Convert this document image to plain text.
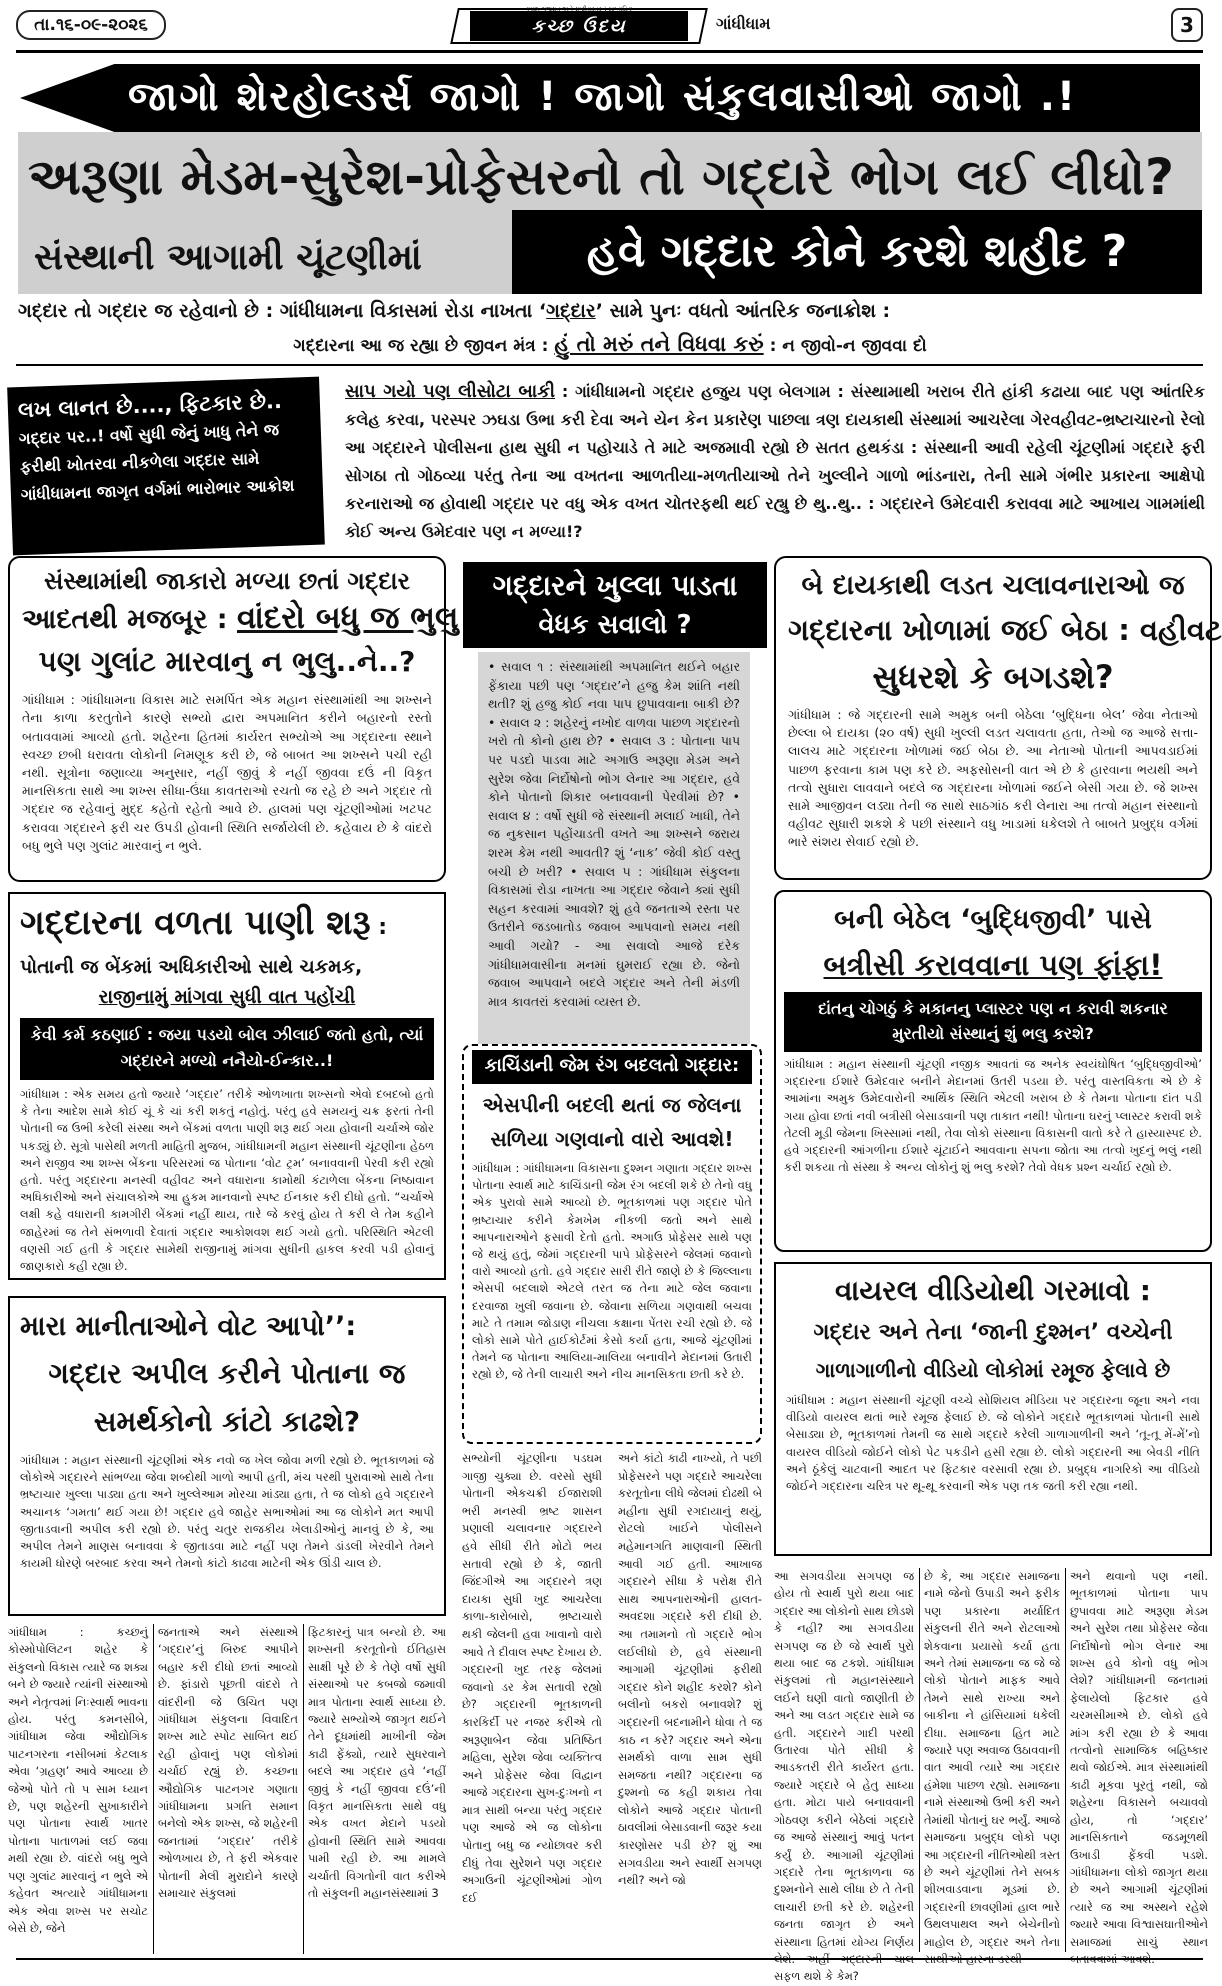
તા.૧૬-૦૯-૨૦૨૬	કચ્છ ઉદય
કચ્છ, ગુજરાત અને રાષ્ટ્રીયસ્તરનું સાપ્તાહિક
ગાંધીધામ	3
જાગો શેરહોલ્ડર્સ જાગો ! જાગો સંકુલવાસીઓ જાગો .!
અરૂણા મેડમ-સુરેશ-પ્રોફેસરનો તો ગદ્દારે ભોગ લઈ લીધો?
સંસ્થાની આગામી ચૂંટણીમાં	હવે ગદ્દાર કોને કરશે શહીદ ?
ગદ્દાર તો ગદ્દાર જ રહેવાનો છે : ગાંધીધામના વિકાસમાં રોડા નાખતા ‘ગદ્દાર’ સામે પુનઃ વધતો આંતરિક જનાક્રોશ :
ગદ્દારના આ જ રહ્યા છે જીવન મંત્ર : હું તો મરું તને વિધવા કરું : ન જીવો-ન જીવવા દો
લખ લાનત છે...., ફિટકાર છે..
ગદ્દાર પર..! વર્ષો સુધી જેનું ખાધુ તેને જ ફરીથી ખોતરવા નીકળેલા ગદ્દાર સામે ગાંધીધામના જાગૃત વર્ગમાં ભારોભાર આક્રોશ
સાપ ગયો પણ લીસોટા બાકી : ગાંધીધામનો ગદ્દાર હજુય પણ બેલગામ : સંસ્થામાથી ખરાબ રીતે હાંકી કઢાયા બાદ પણ આંતરિક કલેહ કરવા, પરસ્પર ઝઘડા ઉભા કરી દેવા અને યેન કેન પ્રકારેણ પાછલા ત્રણ દાયકાથી સંસ્થામાં આચરેલા ગેરવહીવટ-ભ્રષ્ટાચારનો રેલો આ ગદ્દારને પોલીસના હાથ સુધી ન પહોચાડે તે માટે અજમાવી રહ્યો છે સતત હથકંડા : સંસ્થાની આવી રહેલી ચૂંટણીમાં ગદ્દારે ફરી સોગઠા તો ગોઠવ્યા પરંતુ તેના આ વખતના આળતીયા-મળતીયાઓ તેને ખુલ્લીને ગાળો ભાંડનારા, તેની સામે ગંભીર પ્રકારના આક્ષેપો કરનારાઓ જ હોવાથી ગદ્દાર પર વધુ એક વખત ચોતરફથી થઈ રહ્યુ છે થુ..થુ.. : ગદ્દારને ઉમેદવારી કરાવવા માટે આખાય ગામમાંથી કોઈ અન્ય ઉમેદવાર પણ ન મળ્યા!?
સંસ્થામાંથી જાકારો મળ્યા છતાં ગદ્દાર
આદતથી મજબૂર : વાંદરો બધુ જ ભુલુ
પણ ગુલાંટ મારવાનુ ન ભુલુ..ને..?
ગાંધીધામ : ગાંધીધામના વિકાસ માટે સમર્પિત એક મહાન સંસ્થામાંથી આ શખ્સને તેના કાળા કરતુતોને કારણે સભ્યો દ્વારા અપમાનિત કરીને બહારનો રસ્તો બતાવવામાં આવ્યો હતો. શહેરના હિતમાં કાર્યરત સભ્યોએ આ ગદ્દારના સ્થાને સ્વચ્છ છબી ધરાવતા લોકોની નિમણૂક કરી છે, જે બાબત આ શખ્સને પચી રહી નથી. સૂત્રોના જણાવ્યા અનુસાર, નહીં જીવું કે નહીં જીવવા દઉં ની વિકૃત માનસિકતા સાથે આ શખ્સ સીધા-ઉંધા કાવતરાઓ રચતો જ રહે છે અને ગદ્દાર તો ગદ્દાર જ રહેવાનું મુદ્દ કહેતો રહેતો આવે છે. હાલમાં પણ ચૂંટણીઓમાં ખટપટ કરાવવા ગદ્દારને ફરી ચર ઉપડી હોવાની સ્થિતિ સર્જાયેલી છે. કહેવાય છે કે વાંદરો બધુ ભુલે પણ ગુલાંટ મારવાનું ન ભુલે.
ગદ્દારને ખુલ્લા પાડતા
વેધક સવાલો ?
• સવાલ ૧ : સંસ્થામાંથી અપમાનિત થઈને બહાર ફેંકાયા પછી પણ ‘ગદ્દાર’ને હજુ કેમ શાંતિ નથી થતી? શું હજુ કોઈ નવા પાપ છુપાવવાના બાકી છે? • સવાલ ૨ : શહેરનું નખોદ વાળવા પાછળ ગદ્દારનો ખરો તો કોનો હાથ છે? • સવાલ ૩ : પોતાના પાપ પર પડદો પાડવા માટે અગાઉ અરૂણા મેડમ અને સુરેશ જેવા નિર્દોષોનો ભોગ લેનાર આ ગદ્દાર, હવે કોને પોતાનો શિકાર બનાવવાની પેરવીમાં છે? • સવાલ ૪ : વર્ષો સુધી જે સંસ્થાની મલાઈ ખાધી, તેને જ નુકસાન પહોંચાડતી વખતે આ શખ્સને જરાય શરમ કેમ નથી આવતી? શું ‘નાક’ જેવી કોઈ વસ્તુ બચી છે ખરી? • સવાલ ૫ : ગાંધીધામ સંકુલના વિકાસમાં રોડા નાખતા આ ગદ્દાર જેવાને ક્યાં સુધી સહન કરવામાં આવશે? શું હવે જનતાએ રસ્તા પર ઉતરીને જડબાતોડ જવાબ આપવાનો સમય નથી આવી ગયો? - આ સવાલો આજે દરેક ગાંધીધામવાસીના મનમાં ઘુમરાઈ રહ્યા છે. જેનો જવાબ આપવાને બદલે ગદ્દાર અને તેની મંડળી માત્ર કાવતરાં કરવામાં વ્યસ્ત છે.
બે દાયકાથી લડત ચલાવનારાઓ જ
ગદ્દારના ખોળામાં જઈ બેઠા : વહીવટ
સુધરશે કે બગડશે?
ગાંધીધામ : જે ગદ્દારની સામે અમુક બની બેઠેલા ‘બુદ્ધિના બેલ’ જેવા નેતાઓ છેલ્લા બે દાયકા (૨૦ વર્ષ) સુધી ખુલ્લી લડત ચલાવતા હતા, તેઓ જ આજે સત્તા-લાલચ માટે ગદ્દારના ખોળામાં જઈ બેઠા છે. આ નેતાઓ પોતાની આપવડાઈમાં પાછળ ફરવાના કામ પણ કરે છે. અફસોસની વાત એ છે કે હારવાના ભયથી અને તત્વો સુધારા લાવવાને બદલે જ ગદ્દારના ખોળામાં જઈને બેસી ગયા છે. જે શખ્સ સામે આજીવન લડ્યા તેની જ સાથે સાઠગાંઠ કરી લેનારા આ તત્વો મહાન સંસ્થાનો વહીવટ સુધારી શકશે કે પછી સંસ્થાને વધુ ખાડામાં ધકેલશે તે બાબતે પ્રબુદ્ધ વર્ગમાં ભારે સંશય સેવાઈ રહ્યો છે.
ગદ્દારના વળતા પાણી શરૂ :
પોતાની જ બેંકમાં અધિકારીઓ સાથે ચકમક,
રાજીનામું માંગવા સુધી વાત પહોંચી
કેવી કર્મ કઠણાઈ : જયા પડયો બોલ ઝીલાઈ જતો હતો, ત્યાં ગદ્દારને મળ્યો નનૈયો-ઈન્કાર..!
ગાંધીધામ : એક સમય હતો જ્યારે ‘ગદ્દાર’ તરીકે ઓળખાતા શખ્સનો એવો દબદબો હતો કે તેના આદેશ સામે કોઈ ચૂં કે ચાં કરી શકતું નહોતું. પરંતુ હવે સમયનું ચક્ર ફરતાં તેની પોતાની જ ઉભી કરેલી સંસ્થા અને બેંકમાં વળતા પાણી શરૂ થઈ ગયા હોવાની ચર્ચાએ જોર પકડ્યું છે. સૂત્રો પાસેથી મળતી માહિતી મુજબ, ગાંધીધામની મહાન સંસ્થાની ચૂંટણીના હેઠળ અને રાજીવ આ શખ્સ બેંકના પરિસરમાં જ પોતાના ‘વોટ ટ્રમ’ બનાવવાની પેરવી કરી રહ્યો હતો. પરંતુ ગદ્દારના મનસ્વી વહીવટ અને વધારાના કામોથી કંટાળેલા બેંકના નિષ્ઠાવાન અધિકારીઓ અને સંચાલકોએ આ હુકમ માનવાનો સ્પષ્ટ ઈનકાર કરી દીધો હતો. “ચર્ચાએ લક્ષી કહે વધારાની કામગીરી બેંકમાં નહીં થાય, તારે જે કરવું હોય તે કરી લે તેમ કહીને જાહેરમાં જ તેને સંભળાવી દેવાતાં ગદ્દાર આકોશવશ થઈ ગયો હતો. પરિસ્થિતિ એટલી વણસી ગઈ હતી કે ગદ્દાર સામેથી રાજીનામું માંગવા સુધીની હાકલ કરવી પડી હોવાનું જાણકારો કહી રહ્યા છે.
બની બેઠેલ ‘બુદ્ધિજીવી’ પાસે
બત્રીસી કરાવવાના પણ ફાંફા!
દાંતનુ ચોગઠું કે મકાનનુ પ્લાસ્ટર પણ ન કરાવી શકનાર મુરતીયો સંસ્થાનું શું ભલુ કરશે?
ગાંધીધામ : મહાન સંસ્થાની ચૂંટણી નજીક આવતાં જ અનેક સ્વયંઘોષિત ‘બુદ્ધિજીવીઓ’ ગદ્દારના ઈશારે ઉમેદવાર બનીને મેદાનમાં ઉતરી પડયા છે. પરંતુ વાસ્તવિકતા એ છે કે આમાંના અમુક ઉમેદવારોની આર્થિક સ્થિતિ એટલી ખરાબ છે કે તેમના પોતાના દાંત પડી ગયા હોવા છતાં નવી બત્રીસી બેસાડવાની પણ તાકાત નથી! પોતાના ઘરનું પ્લાસ્ટર કરાવી શકે તેટલી મૂડી જેમના ખિસ્સામાં નથી, તેવા લોકો સંસ્થાના વિકાસની વાતો કરે તે હાસ્યાસ્પદ છે. હવે ગદ્દારની આંગળીના ઈશારે ચૂંટાઈને આવવાના સપના જોતા આ તત્વો ખુદનું ભલું નથી કરી શકયા તો સંસ્થા કે અન્ય લોકોનું શું ભલુ કરશે? તેવો વેધક પ્રશ્ન ચર્ચાઈ રહ્યો છે.
કાચિંડાની જેમ રંગ બદલતો ગદ્દાર:
એસપીની બદલી થતાં જ જેલના
સળિયા ગણવાનો વારો આવશે!
ગાંધીધામ : ગાંધીધામના વિકાસના દુશ્મન ગણાતા ગદ્દાર શખ્સ પોતાના સ્વાર્થ માટે કાચિંડાની જેમ રંગ બદલી શકે છે તેનો વધુ એક પુરાવો સામે આવ્યો છે. ભૂતકાળમાં પણ ગદ્દાર પોતે ભ્રષ્ટાચાર કરીને કેમખેમ નીકળી જતો અને સાથે આપનારાઓને ફસાવી દેતો હતો. અગાઉ પ્રોફેસર સાથે પણ જે થયું હતું, જેમાં ગદ્દારની પાપે પ્રોફેસરને જેલમાં જવાનો વારો આવ્યો હતો. હવે ગદ્દાર સારી રીતે જાણે છે કે જિલ્લાના એસપી બદલાશે એટલે તરત જ તેના માટે જેલ જવાના દરવાજા ખુલી જવાના છે. જેવાના સળિયા ગણવાથી બચવા માટે તે તમામ જોડાણ નીચલા કક્ષાના પેંતરા રચી રહ્યો છે. જે લોકો સામે પોતે હાઈકોર્ટમાં કેસો કર્યા હતા, આજે ચૂંટણીમાં તેમને જ પોતાના આલિયા-માલિયા બનાવીને મેદાનમાં ઉતારી રહ્યો છે, જે તેની લાચારી અને નીચ માનસિકતા છતી કરે છે.
વાયરલ વીડિયોથી ગરમાવો :
ગદ્દાર અને તેના ‘જાની દુશ્મન’ વચ્ચેની
ગાળાગાળીનો વીડિયો લોકોમાં રમૂજ ફેલાવે છે
ગાંધીધામ : મહાન સંસ્થાની ચૂંટણી વચ્ચે સોશિયલ મીડિયા પર ગદ્દારના જૂના અને નવા વીડિયો વાયરલ થતાં ભારે રમૂજ ફેલાઈ છે. જે લોકોને ગદ્દારે ભૂતકાળમાં પોતાની સાથે બેસાડ્યા છે, ભૂતકાળમાં તેમની જ સાથે ગદ્દારે કરેલી ગાળાગાળીની અને ‘તૂ-તૂ મેં-મેં’નો વાયરલ વીડિયો જોઈને લોકો પેટ પકડીને હસી રહ્યા છે. લોકો ગદ્દારની આ બેવડી નીતિ અને ઠૂંકેલું ચાટવાની આદત પર ફિટકાર વરસાવી રહ્યા છે. પ્રબુદ્ધ નાગરિકો આ વીડિયો જોઈને ગદ્દારના ચરિત્ર પર થૂ-થૂ કરવાની એક પણ તક જતી કરી રહ્યા નથી.
મારા માનીતાઓને વોટ આપો’’:
ગદ્દાર અપીલ કરીને પોતાના જ
સમર્થકોનો કાંટો કાઢશે?
ગાંધીધામ : મહાન સંસ્થાની ચૂંટણીમાં એક નવો જ ખેલ જોવા મળી રહ્યો છે. ભૂતકાળમાં જે લોકોએ ગદ્દારને સાંભળ્યા જેવા શબ્દોથી ગાળો આપી હતી, મંચ પરથી પુરાવાઓ સાથે તેના ભ્રષ્ટાચાર ખુલ્લા પાડ્યા હતા અને ખુલ્લેઆમ મોરચા માંડ્યા હતા, તે જ લોકો હવે ગદ્દારને અચાનક ‘ગમતા’ થઈ ગયા છે! ગદ્દાર હવે જાહેર સભાઓમાં આ જ લોકોને મત આપી જીતાડવાની અપીલ કરી રહ્યો છે. પરંતુ ચતુર રાજકીય ખેલાડીઓનું માનવું છે કે, આ અપીલ તેમને માણસ બનાવવા કે જીતાડવા માટે નહીં પણ તેમને ડાંડલી ખેરવીને તેમને કાયમી ધોરણે બરબાદ કરવા અને તેમનો કાંટો કાઢવા માટેની એક ઊંડી ચાલ છે.
સભ્યોની ચૂંટણીના પડઘમ ગાજી ચુક્યા છે. વરસો સુધી પોતાની એકચક્રી ઈજારાશી ભરી મનસ્વી ભ્રષ્ટ શાસન પ્રણાલી ચલાવનાર ગદ્દારને હવે સીધી રીતે મોટો ભય સતાવી રહ્યો છે કે, જાતી જિંદગીએ આ ગદ્દારને ત્રણ દાયકા સુધી ખુદ આચરેલા કાળા-કારોબારો, ભ્રષ્ટાચારો થકી જેલની હવા ખાવાનો વારો આવે તે દીવાલ સ્પષ્ટ દેખાય છે. ગદ્દારની ખુદ તરફ જેલમાં જવાનો ડર કેમ સતાવી રહ્યો છે? ગદ્દારની ભૂતકાળની કારકિર્દી પર નજર કરીએ તો અરૂણાબેન જેવા પ્રતિષ્ઠિત મહિલા, સુરેશ જેવા વ્યક્તિત્વ અને પ્રોફેસર જેવા વિદ્વાન આજે ગદ્દારના સુખ-દુઃખનો ન માત્ર સાથી બન્યા પરંતુ ગદ્દાર પણ આજે એ જ લોકોના પોતાનુ બધુ જ ન્યોછાવર કરી દીધું તેવા સુરેશને પણ ગદ્દાર અગાઉની ચૂંટણીઓમાં ગોળ દઈ
અને કાંટો કાઢી નાખ્યો, તે પછી પ્રોફેસરને પણ ગદ્દારે આચરેલા કરતૂતોના લીધે જેલમાં દોઢથી બે મહીના સુધી રગદાયાનું થયું, રોટલો ખાઈને પોલીસને મહેમાનગતિ માણવાની સ્થિતી આવી ગઈ હતી. આખાજ ગદ્દારને સીધા કે પરોક્ષ રીતે સાથ આપનારાઓની હાલત-અવદશા ગદ્દારે કરી દીધી છે. આ તમામનો તો ગદ્દારે ભોગ લઈલીધો છે, હવે સંસ્થાની આગામી ચૂંટણીમાં ફરીથી ગદ્દાર કોને શહીદ કરશે? કોને બલીનો બકરો બનાવશે? શું ગદ્દારની બદનામીને ધોવા તે જ કાઠ ન કરે? ગદ્દાર અને એના સમર્થકો વાળા સામ સુધી સમજતા નથી? ગદ્દારના જ દુશ્મનો જ કહી શકાય તેવા લોકોને આજે ગદ્દાર પોતાની ઠાવલીમાં બેસાડવાની જરૂર કયા કારણોસર પડી છે? શું આ સગવડીયા અને સ્વાર્થી સગપણ નથી? અને જો
આ સગવડીયા સગપણ જ હોય તો સ્વાર્થ પુરો થયા બાદ ગદ્દાર આ લોકોનો સાથ છોડશે કે નહી? આ સગવડીયા સગપણ જ છે જે સ્વાર્થ પુરો થયા બાદ જ ટકશે. ગાંધીધામ સંકુલમાં તો મહાનસંસ્થાને લઈને ઘણી વાતો જાણીતી છે અને આ લડત ગદ્દાર સામે જ હતી. ગદ્દારને ગાદી પરથી ઉતારવા પોતે સીધી કે આડકતરી રીતે કાર્યરત હતા. જ્યારે ગદ્દારે બે હેતુ સાધ્યા હતા. મોટા પાયે બનાવવાની ગોઠવણ કરીને બેઠેલાં ગદ્દારે જ આજે સંસ્થાનું આવું પતન કર્યું છે. આગામી ચૂંટણીમાં ગદ્દારે તેના ભૂતકાળના જ દુશ્મનોને સાથે લીધા છે તે તેની લાચારી છતી કરે છે. શહેરની જનતા જાગૃત છે અને સંસ્થાના હિતમાં યોગ્ય નિર્ણય સફળ થશે કે કેમ?
છે કે, આ ગદ્દાર સમાજના નામે જેનો ઉપાડી અને ફરીક પણ પ્રકારના મર્યાદિત સંકુલની રીતે અને રોટલાઓ શેકવાના પ્રયાસો કર્યા હતા અને તેમાં સમાજના જ જે જે લોકો પોતાને માફક આવે તેમને સાથે રાખ્યા અને બાકીના ને હાંસિયામાં ધકેલી દીધા. સમાજના હિત માટે જ્યારે પણ અવાજ ઉઠાવવાની વાત આવી ત્યારે આ ગદ્દાર હંમેશા પાછળ રહ્યો. સમાજના નામે સંસ્થાઓ ઉભી કરી અને તેમાંથી પોતાનું ઘર ભર્યું. આજે સમાજના પ્રબુદ્ધ લોકો પણ આ ગદ્દારની નીતિઓથી ત્રસ્ત છે અને ચૂંટણીમાં તેને સબક શીખવાડવાના મૂડમાં છે. ગદ્દારની છાવણીમાં હાલ ભારે ઉથલપાથલ અને બેચેનીનો માહોલ છે, ગદ્દાર અને તેના
અને થવાનો પણ નથી. ભૂતકાળમાં પોતાના પાપ છુપાવવા માટે અરૂણા મેડમ અને સુરેશ તથા પ્રોફેસર જેવા નિર્દોષોનો ભોગ લેનાર આ શખ્સ હવે કોનો વધુ ભોગ લેશે? ગાંધીધામની જનતામાં ફેલાયેલો ફિટકાર હવે ચરમસીમાએ છે. લોકો હવે માંગ કરી રહ્યા છે કે આવા તત્વોનો સામાજિક બહિષ્કાર થવો જોઈએ. માત્ર સંસ્થામાંથી કાઢી મૂકવા પૂરતું નથી, જો શહેરના વિકાસને બચાવવો હોય, તો ‘ગદ્દાર’ માનસિકતાને જડમૂળથી ઉખાડી ફેંકવી પડશે. ગાંધીધામના લોકો જાગૃત થયા છે અને આગામી ચૂંટણીમાં ત્યારે જ આ અસ્થને રહેશે જ્યારે આવા વિશ્વાસઘાતીઓને સમાજમાં સાચું સ્થાન
ગાંધીધામ : કચ્છનું કોસ્મોપોલિટન શહેર કે સંકુલનો વિકાસ ત્યારે જ શક્ય બને છે જ્યારે ત્યાંની સંસ્થાઓ અને નેતૃત્વમાં નિઃસ્વાર્થ ભાવના હોય. પરંતુ કમનસીબે, ગાંધીધામ જેવા ઔદ્યોગિક પાટનગરના નસીબમાં કેટલાક એવા ‘ગ્રહણ’ આવે આવ્યા છે જેઓ પોતે તો પ સામ ધ્યાન છે, પણ શહેરની સુખાકારીને પણ પોતાના સ્વાર્થ ખાતર પોતાના પાતાળમાં લઈ જવા મથી રહ્યા છે. વાંદરો બધુ ભુલે પણ ગુલાંટ મારવાનું ન ભુલે એ કહેવત અત્યારે ગાંધીધામના એક એવા શખ્સ પર સચોટ બેસે છે, જેને
જનતાએ અને સંસ્થાએ ‘ગદ્દાર’નું બિરુદ આપીને બહાર કરી દીધો છતાં આવ્યો છે. ફાંડારો પૂછતી વાંદરો તે વાંદરીની જે ઉચિત પણ ગાંધીધામ સંકુલના વિવાદિત શખ્સ માટે સ્પોટ સાબિત થઈ રહી હોવાનું પણ લોકોમાં ચર્ચાઈ રહ્યું છે. કચ્છના ઔદ્યોગિક પાટનગર ગણાતા ગાંધીધામના પ્રગતિ સમાન બનેલો એક શખ્સ, જે શહેરની જનતામાં ‘ગદ્દાર’ તરીકે ઓળખાય છે, તે ફરી એકવાર પોતાની મેલી મુરાદોને કારણે સમાચાર સંકુલમાં
ફિટકારનું પાત્ર બન્યો છે. આ શખ્સની કરતૂતોનો ઈતિહાસ સાક્ષી પૂરે છે કે તેણે વર્ષો સુધી સંસ્થાઓ પર કબજો જમાવી માત્ર પોતાના સ્વાર્થ સાધ્યા છે. જ્યારે સભ્યોએ જાગૃત થઈને તેને દૂધમાંથી માખીની જેમ કાઢી ફેંક્યો, ત્યારે સુધરવાને બદલે આ ગદ્દાર હવે ‘નહીં જીવું કે નહીં જીવવા દઉં’ની વિકૃત માનસિકતા સાથે વધુ એક વખત મેદાને પડયો હોવાની સ્થિતિ સામે આવવા પામી રહી છે. આ મામલે ચર્ચાતી વિગતોની વાત કરીએ તો સંકુલની મહાનસંસ્થામાં 3
